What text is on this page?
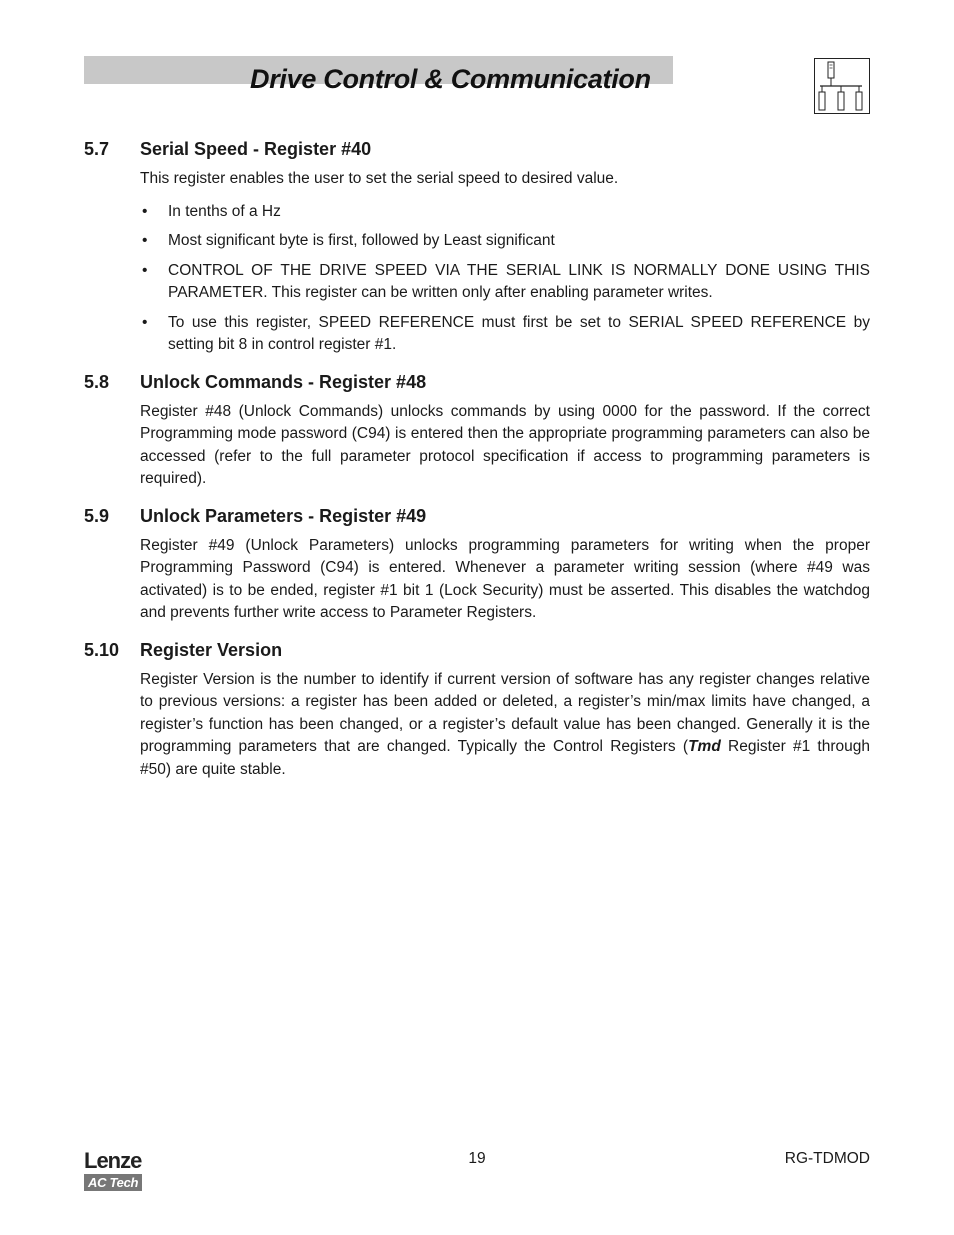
Drive Control & Communication
5.7	Serial Speed - Register #40

This register enables the user to set the serial speed to desired value.

• In tenths of a Hz
• Most significant byte is first, followed by Least significant
• CONTROL OF THE DRIVE SPEED VIA THE SERIAL LINK IS NORMALLY DONE USING THIS PARAMETER. This register can be written only after enabling parameter writes.
• To use this register, SPEED REFERENCE must first be set to SERIAL SPEED REFERENCE by setting bit 8 in control register #1.
5.8	Unlock Commands - Register #48

Register #48 (Unlock Commands) unlocks commands by using 0000 for the password. If the correct Programming mode password (C94) is entered then the appropriate programming parameters can also be accessed (refer to the full parameter protocol specification if access to programming parameters is required).

5.9	Unlock Parameters - Register #49

Register #49 (Unlock Parameters) unlocks programming parameters for writing when the proper Programming Password (C94) is entered. Whenever a parameter writing session (where #49 was activated) is to be ended, register #1 bit 1 (Lock Security) must be asserted. This disables the watchdog and prevents further write access to Parameter Registers.

5.10	Register Version

Register Version is the number to identify if current version of software has any register changes relative to previous versions: a register has been added or deleted, a register’s min/max limits have changed, a register’s function has been changed, or a register’s default value has been changed. Generally it is the programming parameters that are changed. Typically the Control Registers (Tmd Register #1 through #50) are quite stable.

Lenze
AC Tech
19	RG-TDMOD
